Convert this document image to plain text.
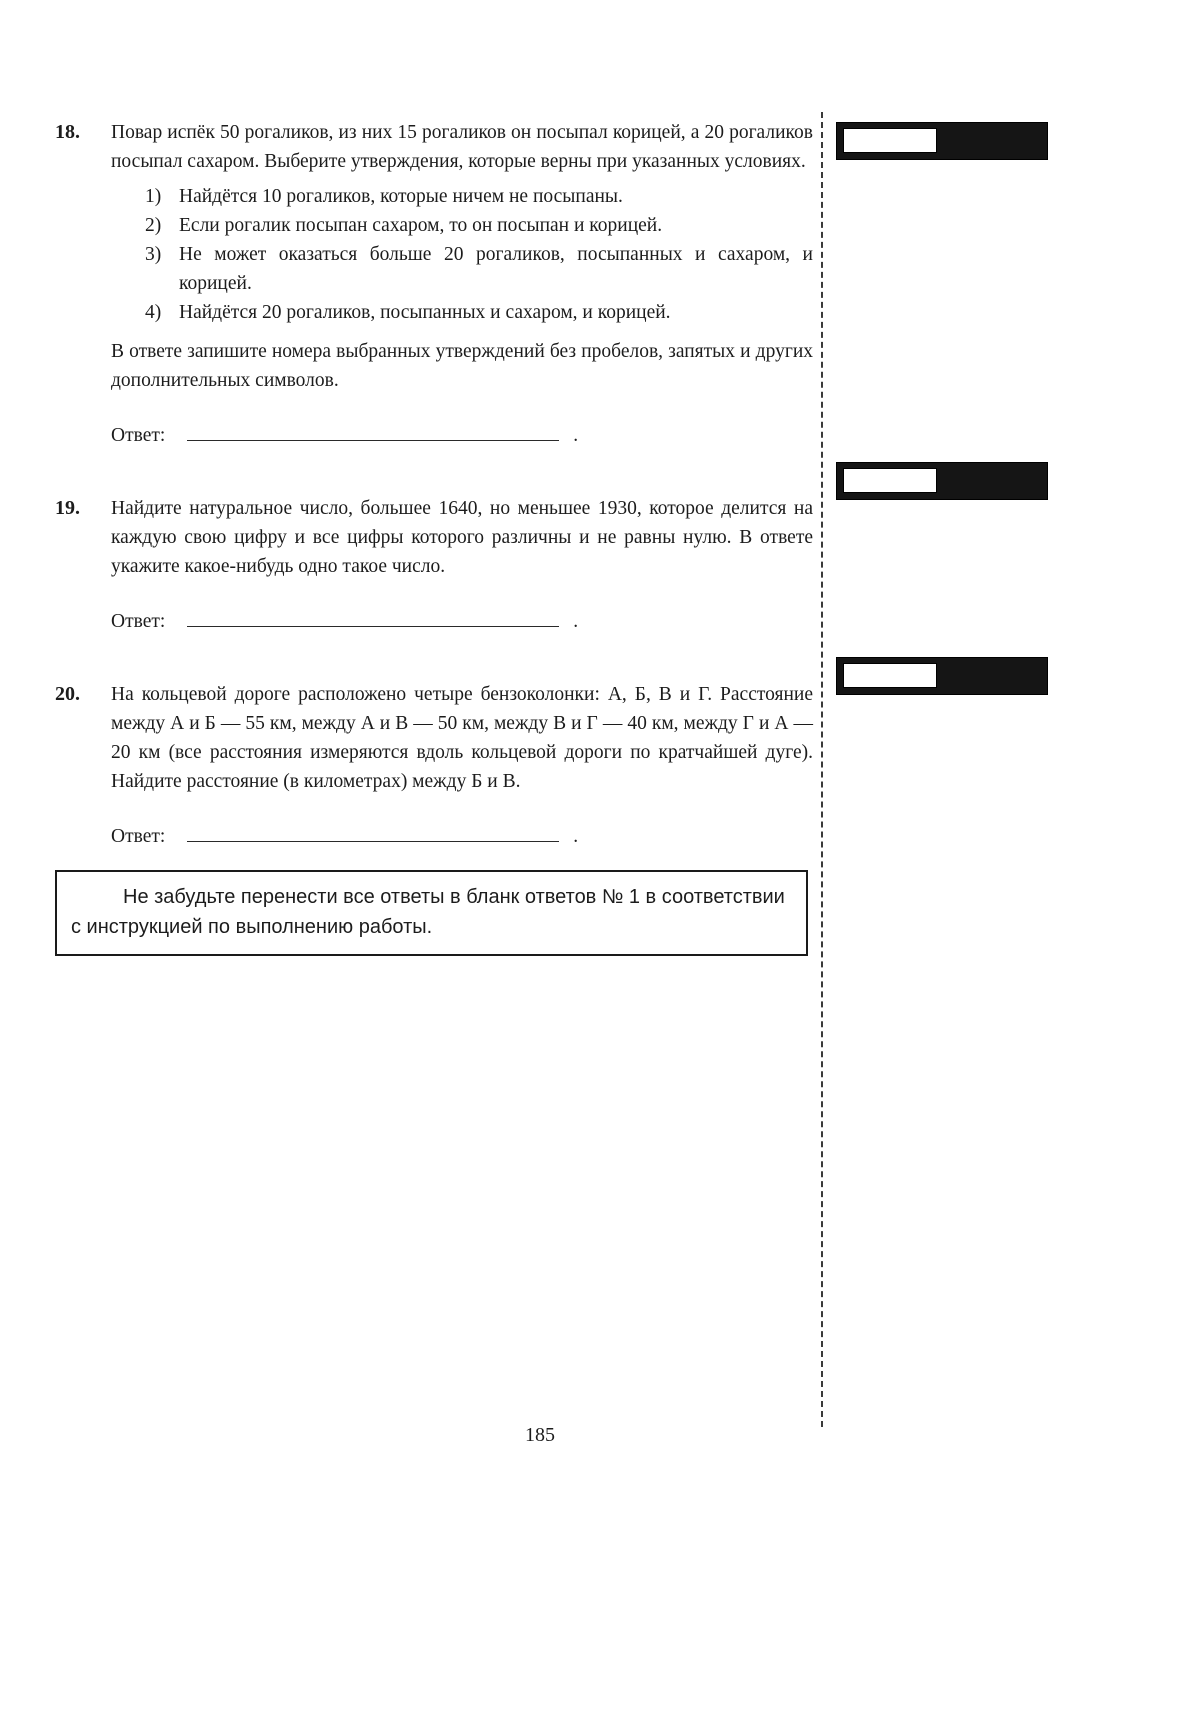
18.	Повар испёк 50 рогаликов, из них 15 рогаликов он посыпал корицей, а 20 рогаликов посыпал сахаром. Выберите утверждения, которые верны при указанных условиях.

1) Найдётся 10 рогаликов, которые ничем не посыпаны.
2) Если рогалик посыпан сахаром, то он посыпан и корицей.
3) Не может оказаться больше 20 рогаликов, посыпанных и сахаром, и корицей.
4) Найдётся 20 рогаликов, посыпанных и сахаром, и корицей.

В ответе запишите номера выбранных утверждений без пробелов, запятых и других дополнительных символов.

Ответ:	.
19.	Найдите натуральное число, большее 1640, но меньшее 1930, которое делится на каждую свою цифру и все цифры которого различны и не равны нулю. В ответе укажите какое-нибудь одно такое число.

Ответ:	.
20.	На кольцевой дороге расположено четыре бензоколонки: А, Б, В и Г. Расстояние между А и Б — 55 км, между А и В — 50 км, между В и Г — 40 км, между Г и А — 20 км (все расстояния измеряются вдоль кольцевой дороги по кратчайшей дуге). Найдите расстояние (в километрах) между Б и В.

Ответ:	.

Не забудьте перенести все ответы в бланк ответов № 1 в соответствии с инструкцией по выполнению работы.

185
